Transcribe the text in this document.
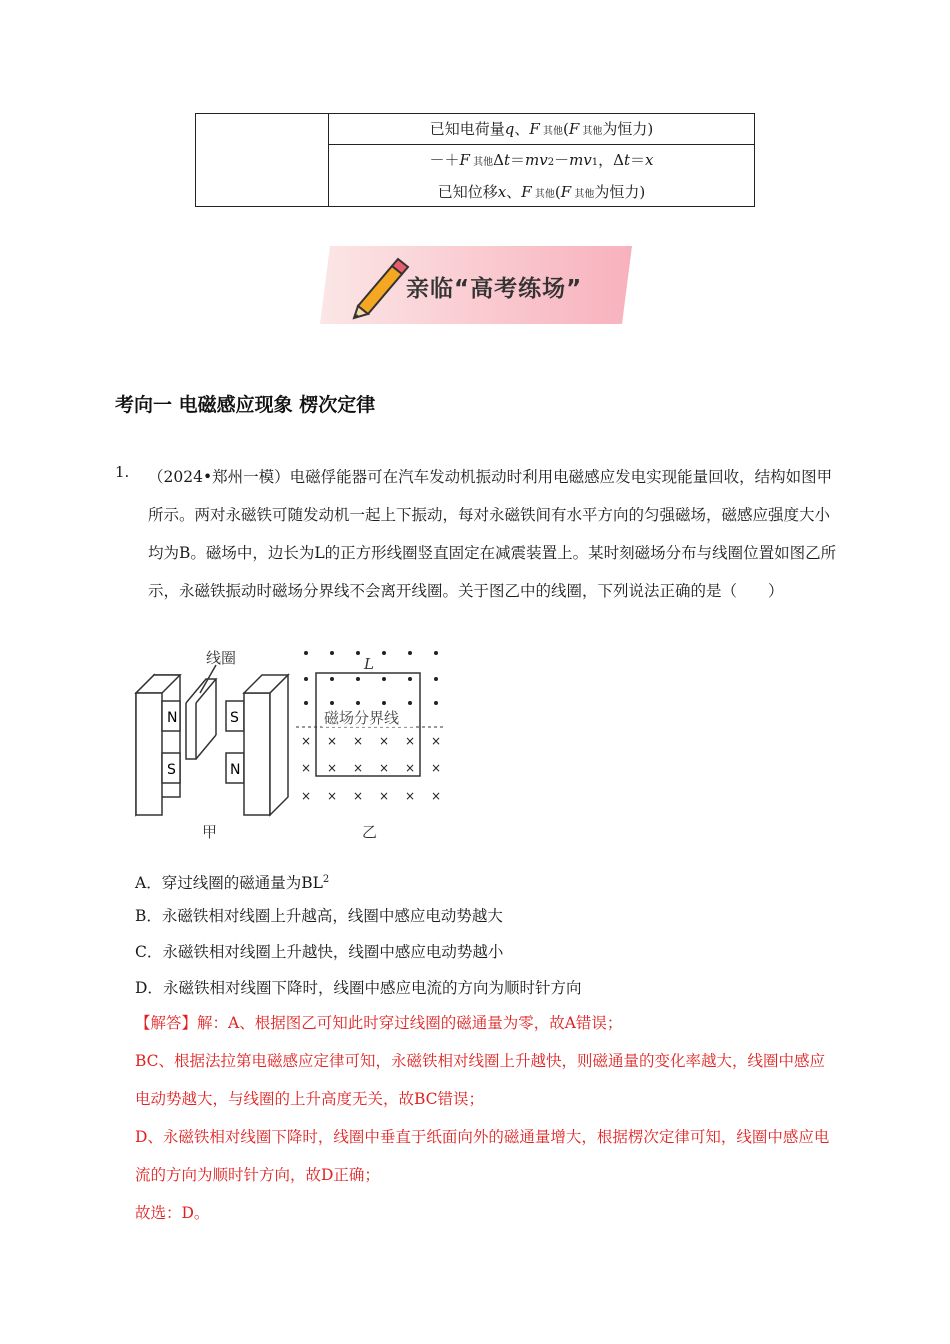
已知电荷量q、F 其他(F 其他为恒力)
－＋F 其他Δt＝mv2－mv1，Δt＝x
已知位移x、F 其他(F 其他为恒力)
亲临“高考练场”
考向一 电磁感应现象 楞次定律
1. （2024•郑州一模）电磁俘能器可在汽车发动机振动时利用电磁感应发电实现能量回收，结构如图甲所示。两对永磁铁可随发动机一起上下振动，每对永磁铁间有水平方向的匀强磁场，磁感应强度大小均为B。磁场中，边长为L的正方形线圈竖直固定在减震装置上。某时刻磁场分布与线圈位置如图乙所示，永磁铁振动时磁场分界线不会离开线圈。关于图乙中的线圈，下列说法正确的是（　　）
N
S
S
N
线圈
甲
× × × × × ×
× × × × × ×
× × × × × ×
磁场分界线
L
乙
A．穿过线圈的磁通量为$BL^2$
B．永磁铁相对线圈上升越高，线圈中感应电动势越大
C．永磁铁相对线圈上升越快，线圈中感应电动势越小
D．永磁铁相对线圈下降时，线圈中感应电流的方向为顺时针方向
【解答】解：A、根据图乙可知此时穿过线圈的磁通量为零，故A错误；
BC、根据法拉第电磁感应定律可知，永磁铁相对线圈上升越快，则磁通量的变化率越大，线圈中感应电动势越大，与线圈的上升高度无关，故BC错误；
D、永磁铁相对线圈下降时，线圈中垂直于纸面向外的磁通量增大，根据楞次定律可知，线圈中感应电流的方向为顺时针方向，故D正确；
故选：D。
